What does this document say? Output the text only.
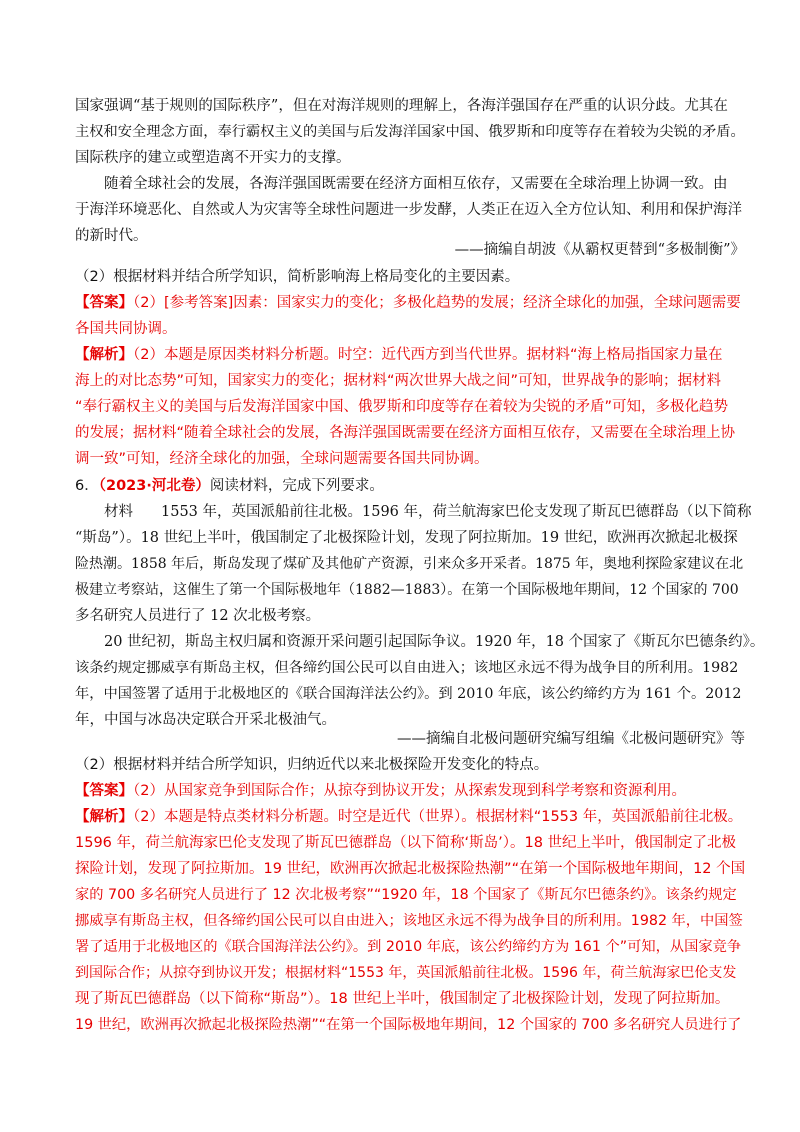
国家强调“基于规则的国际秩序”，但在对海洋规则的理解上，各海洋强国存在严重的认识分歧。尤其在
主权和安全理念方面，奉行霸权主义的美国与后发海洋国家中国、俄罗斯和印度等存在着较为尖锐的矛盾。
国际秩序的建立或塑造离不开实力的支撑。
随着全球社会的发展，各海洋强国既需要在经济方面相互依存，又需要在全球治理上协调一致。由
于海洋环境恶化、自然或人为灾害等全球性问题进一步发酵，人类正在迈入全方位认知、利用和保护海洋
的新时代。
——摘编自胡波《从霸权更替到“多极制衡”》
（2）根据材料并结合所学知识，简析影响海上格局变化的主要因素。
【答案】（2）[参考答案]因素：国家实力的变化；多极化趋势的发展；经济全球化的加强，全球问题需要
各国共同协调。
【解析】（2）本题是原因类材料分析题。时空：近代西方到当代世界。据材料“海上格局指国家力量在
海上的对比态势”可知，国家实力的变化；据材料“两次世界大战之间”可知，世界战争的影响；据材料
“奉行霸权主义的美国与后发海洋国家中国、俄罗斯和印度等存在着较为尖锐的矛盾”可知，多极化趋势
的发展；据材料“随着全球社会的发展，各海洋强国既需要在经济方面相互依存，又需要在全球治理上协
调一致”可知，经济全球化的加强，全球问题需要各国共同协调。
6．（2023·河北卷）阅读材料，完成下列要求。
材料 1553 年，英国派船前往北极。1596 年，荷兰航海家巴伦支发现了斯瓦巴德群岛（以下简称
“斯岛”）。18 世纪上半叶，俄国制定了北极探险计划，发现了阿拉斯加。19 世纪，欧洲再次掀起北极探
险热潮。1858 年后，斯岛发现了煤矿及其他矿产资源，引来众多开采者。1875 年，奥地利探险家建议在北
极建立考察站，这催生了第一个国际极地年（1882—1883）。在第一个国际极地年期间，12 个国家的 700
多名研究人员进行了 12 次北极考察。
20 世纪初，斯岛主权归属和资源开采问题引起国际争议。1920 年，18 个国家了《斯瓦尔巴德条约》。
该条约规定挪威享有斯岛主权，但各缔约国公民可以自由进入；该地区永远不得为战争目的所利用。1982
年，中国签署了适用于北极地区的《联合国海洋法公约》。到 2010 年底，该公约缔约方为 161 个。2012
年，中国与冰岛决定联合开采北极油气。
——摘编自北极问题研究编写组编《北极问题研究》等
（2）根据材料并结合所学知识，归纳近代以来北极探险开发变化的特点。
【答案】（2）从国家竞争到国际合作；从掠夺到协议开发；从探索发现到科学考察和资源利用。
【解析】（2）本题是特点类材料分析题。时空是近代（世界）。根据材料“1553 年，英国派船前往北极。
1596 年，荷兰航海家巴伦支发现了斯瓦巴德群岛（以下简称‘斯岛’）。18 世纪上半叶，俄国制定了北极
探险计划，发现了阿拉斯加。19 世纪，欧洲再次掀起北极探险热潮”“在第一个国际极地年期间，12 个国
家的 700 多名研究人员进行了 12 次北极考察”“1920 年，18 个国家了《斯瓦尔巴德条约》。该条约规定
挪威享有斯岛主权，但各缔约国公民可以自由进入；该地区永远不得为战争目的所利用。1982 年，中国签
署了适用于北极地区的《联合国海洋法公约》。到 2010 年底，该公约缔约方为 161 个”可知，从国家竞争
到国际合作；从掠夺到协议开发；根据材料“1553 年，英国派船前往北极。1596 年，荷兰航海家巴伦支发
现了斯瓦巴德群岛（以下简称“斯岛”）。18 世纪上半叶，俄国制定了北极探险计划，发现了阿拉斯加。
19 世纪，欧洲再次掀起北极探险热潮”“在第一个国际极地年期间，12 个国家的 700 多名研究人员进行了
